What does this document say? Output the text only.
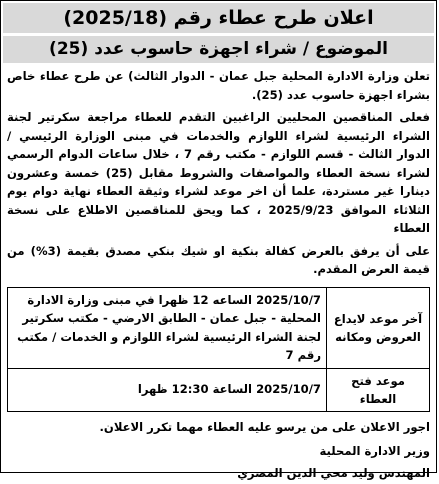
اعلان طرح عطاء رقم (2025/18)
الموضوع / شراء اجهزة حاسوب عدد (25)
تعلن وزارة الادارة المحلية جبل عمان - الدوار الثالث) عن طرح عطاء خاص بشراء اجهزة حاسوب عدد (25).
فعلى المناقصين المحليين الراغبين التقدم للعطاء مراجعة سكرتير لجنة الشراء الرئيسية لشراء اللوازم والخدمات في مبنى الوزارة الرئيسي / الدوار الثالث - قسم اللوازم - مكتب رقم 7 ، خلال ساعات الدوام الرسمي لشراء نسخة العطاء والمواصفات والشروط مقابل (25) خمسة وعشرون دينارا غير مستردة، علما أن اخر موعد لشراء وثيقة العطاء نهاية دوام يوم الثلاثاء الموافق 2025/9/23 ، كما ويحق للمناقصين الاطلاع على نسخة العطاء
على أن يرفق بالعرض كفالة بنكية او شيك بنكي مصدق بقيمة (3%) من قيمة العرض المقدم.
آخر موعد لايداع العروض ومكانه	2025/10/7 الساعه 12 ظهرا في مبنى وزارة الادارة المحلية - جبل عمان - الطابق الارضي - مكتب سكرتير لجنة الشراء الرئيسية لشراء اللوازم و الخدمات / مكتب رقم 7
موعد فتح العطاء	2025/10/7 الساعة 12:30 ظهرا
اجور الاعلان على من يرسو عليه العطاء مهما تكرر الاعلان.
وزير الادارة المحلية
المهندس وليد محي الدين المصري
